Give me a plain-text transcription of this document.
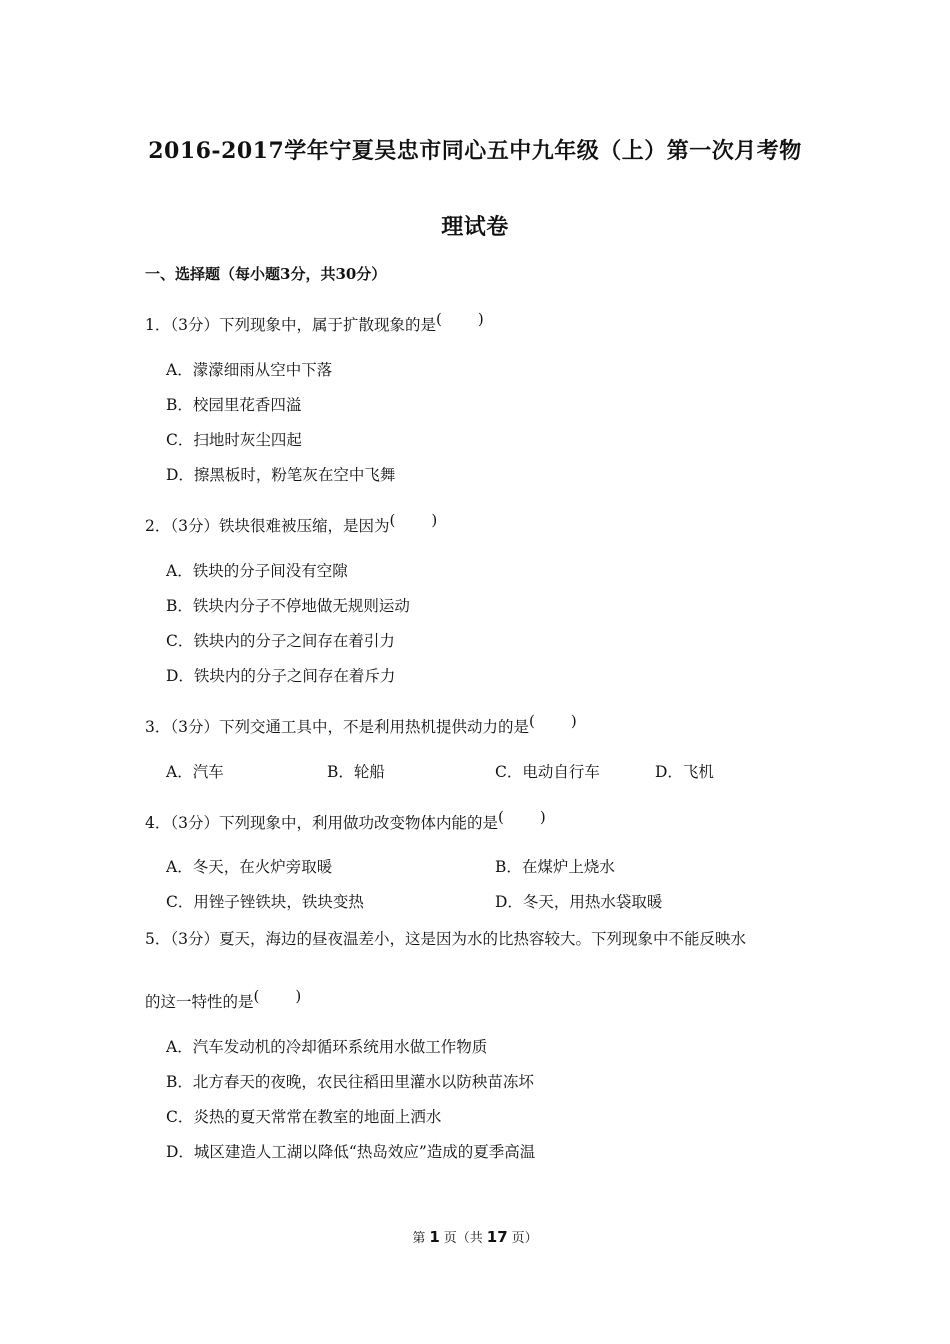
2016-2017学年宁夏吴忠市同心五中九年级（上）第一次月考物
理试卷
一、选择题（每小题3分，共30分）
1．（3分）下列现象中，属于扩散现象的是( )
A．濛濛细雨从空中下落
B．校园里花香四溢
C．扫地时灰尘四起
D．擦黑板时，粉笔灰在空中飞舞
2．（3分）铁块很难被压缩，是因为( )
A．铁块的分子间没有空隙
B．铁块内分子不停地做无规则运动
C．铁块内的分子之间存在着引力
D．铁块内的分子之间存在着斥力
3．（3分）下列交通工具中，不是利用热机提供动力的是( )
A．汽车	B．轮船	C．电动自行车	D．飞机
4．（3分）下列现象中，利用做功改变物体内能的是( )
A．冬天，在火炉旁取暖	B．在煤炉上烧水
C．用锉子锉铁块，铁块变热	D．冬天，用热水袋取暖
5．（3分）夏天，海边的昼夜温差小，这是因为水的比热容较大。下列现象中不能反映水
的这一特性的是( )
A．汽车发动机的冷却循环系统用水做工作物质
B．北方春天的夜晚，农民往稻田里灌水以防秧苗冻坏
C．炎热的夏天常常在教室的地面上洒水
D．城区建造人工湖以降低“热岛效应”造成的夏季高温
第 1 页（共 17 页）
